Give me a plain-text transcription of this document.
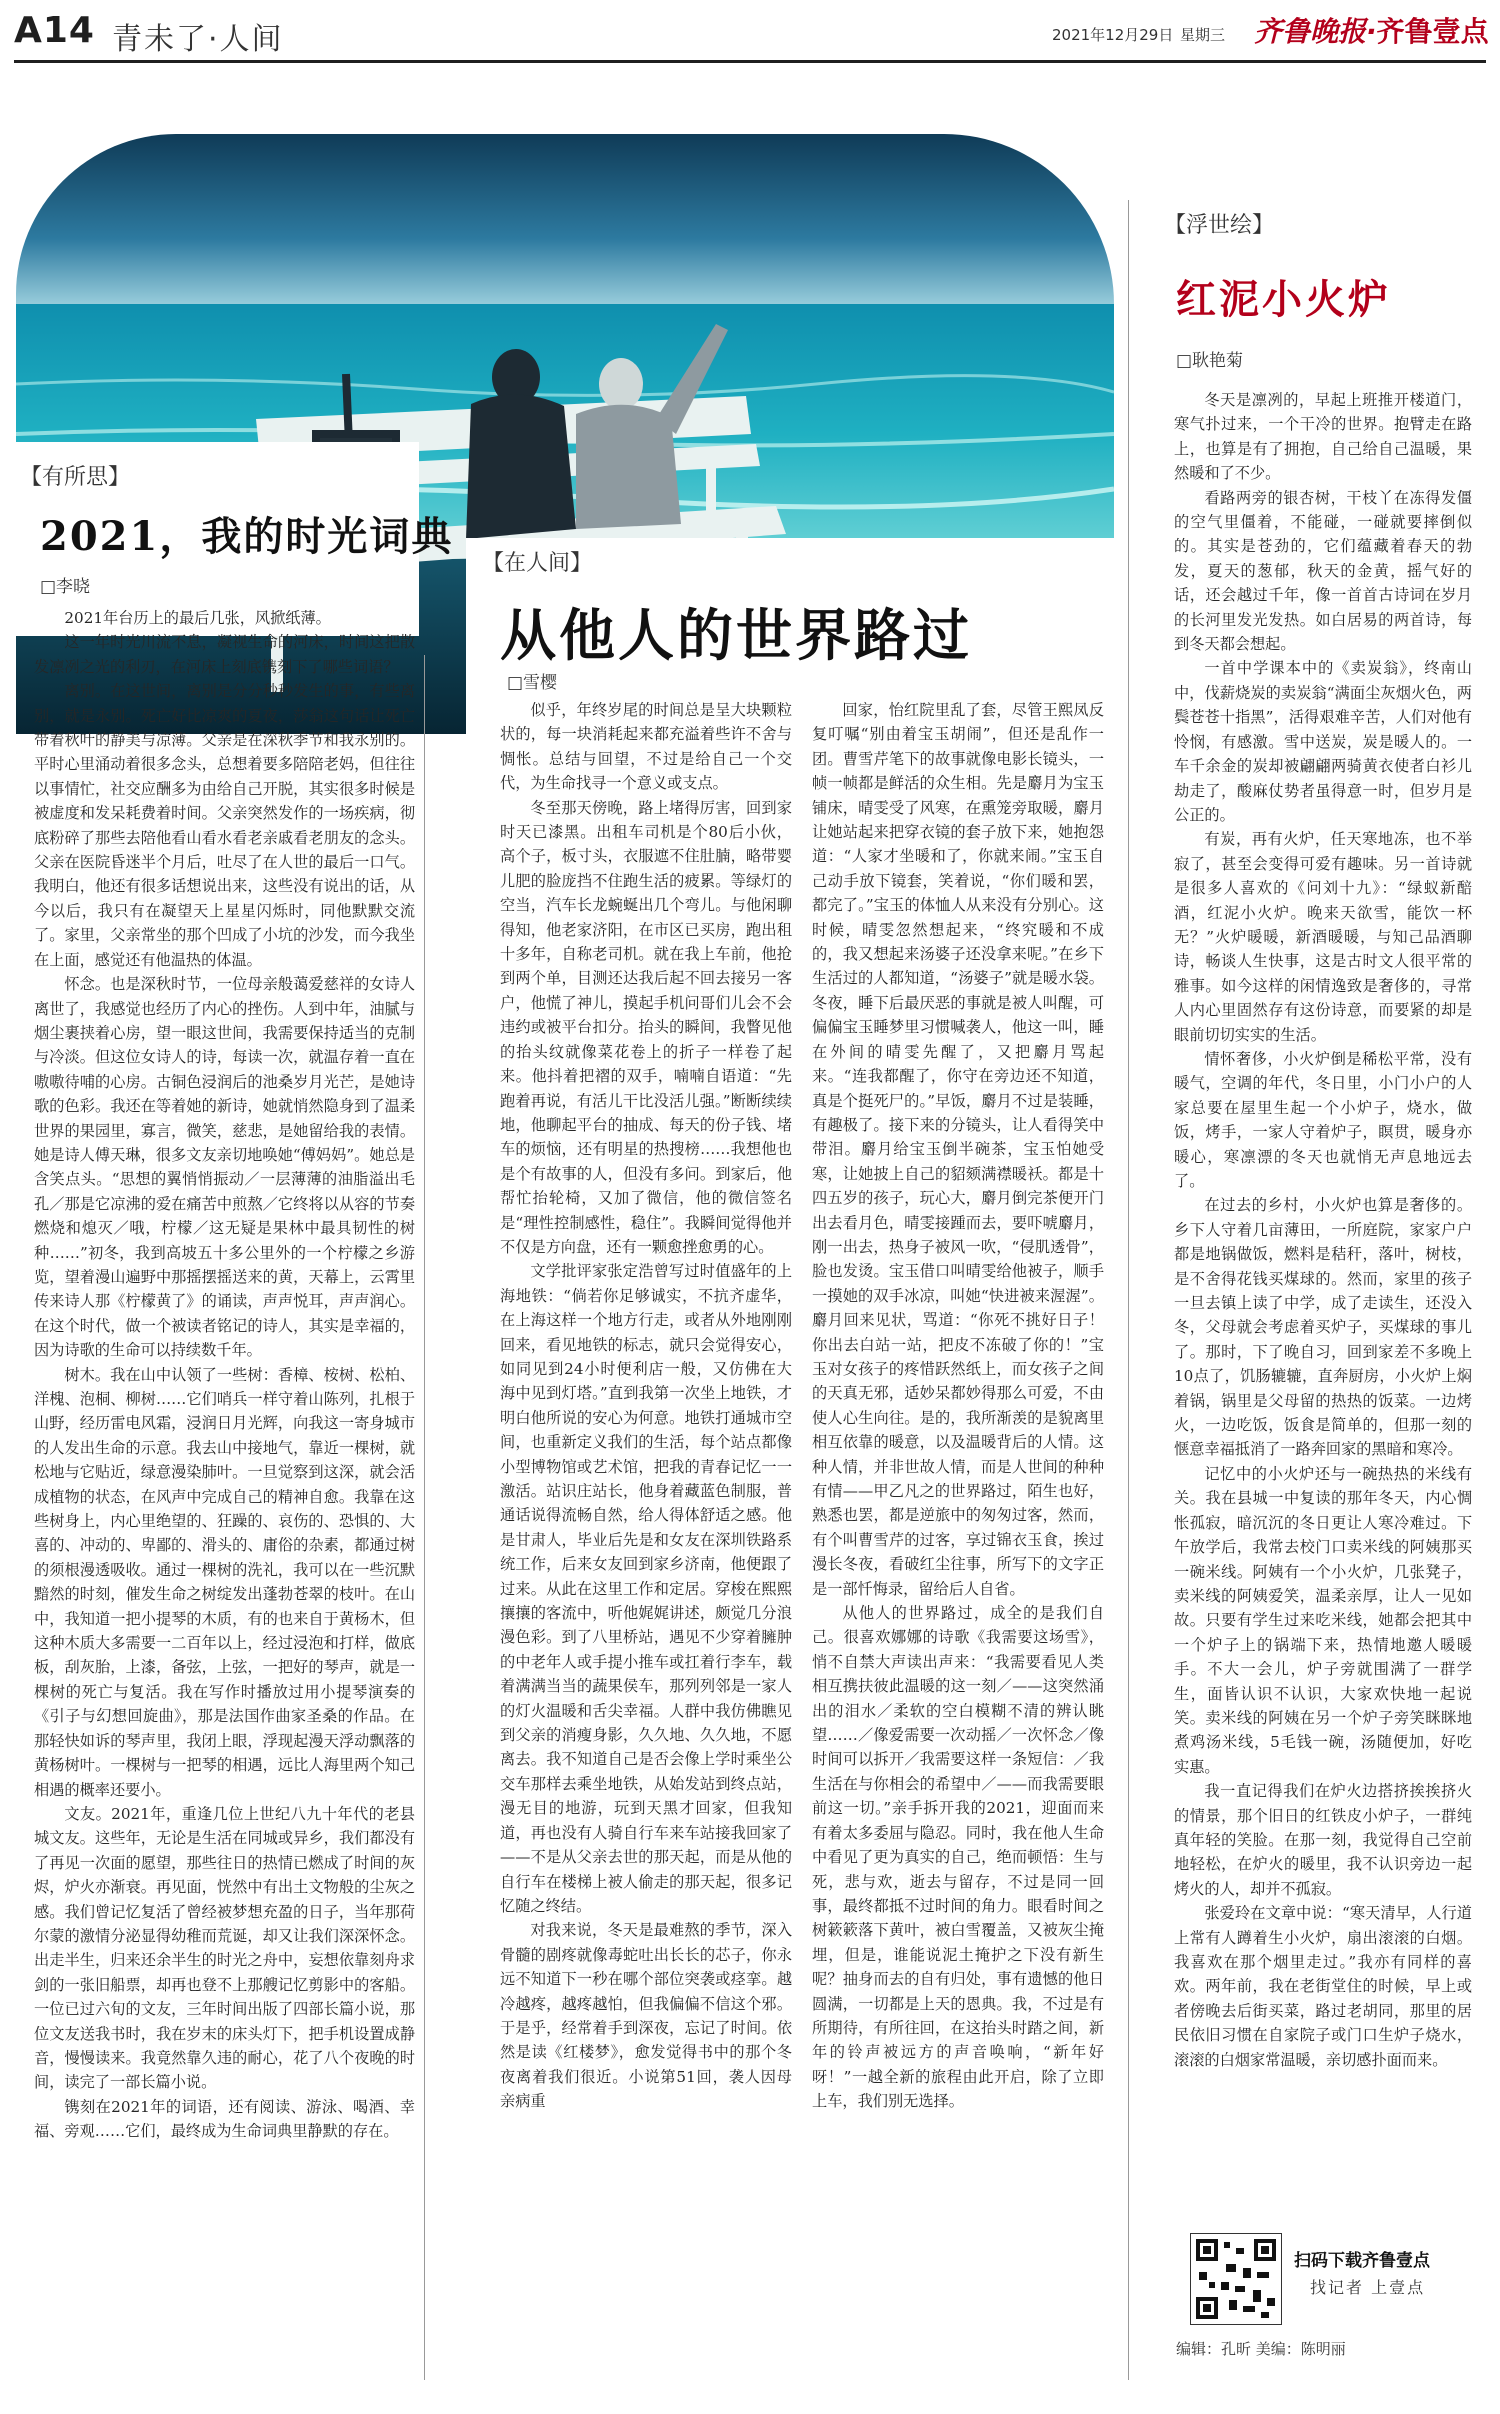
A14 青未了·人间	2021年12月29日 星期三 齐鲁晚报·齐鲁壹点
【有所思】
2021，我的时光词典
□李晓

2021年台历上的最后几张，风掀纸薄。

这一年时光川流不息，凝视生命的河床，时间这把散发凛冽之光的利刃，在河床上刻底镌刻下了哪些词语？

离别。在这世间，离别是分分秒秒发生的事，有些离别，就是永别。死亡好比凉爽的夏夜，莎翁这句话让死亡带着秋叶的静美与凉薄。父亲是在深秋季节和我永别的。平时心里涌动着很多念头，总想着要多陪陪老妈，但往往以事情忙，社交应酬多为由给自己开脱，其实很多时候是被虚度和发呆耗费着时间。父亲突然发作的一场疾病，彻底粉碎了那些去陪他看山看水看老亲戚看老朋友的念头。父亲在医院昏迷半个月后，吐尽了在人世的最后一口气。我明白，他还有很多话想说出来，这些没有说出的话，从今以后，我只有在凝望天上星星闪烁时，同他默默交流了。家里，父亲常坐的那个凹成了小坑的沙发，而今我坐在上面，感觉还有他温热的体温。

怀念。也是深秋时节，一位母亲般蔼爱慈祥的女诗人离世了，我感觉也经历了内心的挫伤。人到中年，油腻与烟尘裹挟着心房，望一眼这世间，我需要保持适当的克制与冷淡。但这位女诗人的诗，每读一次，就温存着一直在嗷嗷待哺的心房。古铜色浸润后的池桑岁月光芒，是她诗歌的色彩。我还在等着她的新诗，她就悄然隐身到了温柔世界的果园里，寡言，微笑，慈悲，是她留给我的表情。她是诗人傅天琳，很多文友亲切地唤她“傅妈妈”。她总是含笑点头。“思想的翼悄悄振动／一层薄薄的油脂溢出毛孔／那是它凉沸的爱在痛苦中煎熬／它终将以从容的节奏燃烧和熄灭／哦，柠檬／这无疑是果林中最具韧性的树种……”初冬，我到高坡五十多公里外的一个柠檬之乡游览，望着漫山遍野中那摇摆摇送来的黄，天幕上，云霄里传来诗人那《柠檬黄了》的诵读，声声悦耳，声声润心。在这个时代，做一个被读者铭记的诗人，其实是幸福的，因为诗歌的生命可以持续数千年。

树木。我在山中认领了一些树：香樟、桉树、松柏、洋槐、泡桐、柳树……它们哨兵一样守着山陈列，扎根于山野，经历雷电风霜，浸润日月光辉，向我这一寄身城市的人发出生命的示意。我去山中接地气，靠近一棵树，就松地与它贴近，绿意漫染肺叶。一旦觉察到这深，就会活成植物的状态，在风声中完成自己的精神自愈。我靠在这些树身上，内心里绝望的、狂躁的、哀伤的、恐惧的、大喜的、冲动的、卑鄙的、滑头的、庸俗的杂素，都通过树的须根漫透吸收。通过一棵树的洗礼，我可以在一些沉默黯然的时刻，催发生命之树绽发出蓬勃苍翠的枝叶。在山中，我知道一把小提琴的木质，有的也来自于黄杨木，但这种木质大多需要一二百年以上，经过浸泡和打样，做底板，刮灰胎，上漆，备弦，上弦，一把好的琴声，就是一棵树的死亡与复活。我在写作时播放过用小提琴演奏的《引子与幻想回旋曲》，那是法国作曲家圣桑的作品。在那轻快如诉的琴声里，我闭上眼，浮现起漫天浮动飘落的黄杨树叶。一棵树与一把琴的相遇，远比人海里两个知己相遇的概率还要小。

文友。2021年，重逢几位上世纪八九十年代的老县城文友。这些年，无论是生活在同城或异乡，我们都没有了再见一次面的愿望，那些往日的热情已燃成了时间的灰烬，炉火亦渐衰。再见面，恍然中有出土文物般的尘灰之感。我们曾记忆复活了曾经被梦想充盈的日子，当年那荷尔蒙的激情分泌显得幼稚而荒诞，却又让我们深深怀念。出走半生，归来还余半生的时光之舟中，妄想依靠刻舟求剑的一张旧船票，却再也登不上那艘记忆剪影中的客船。一位已过六旬的文友，三年时间出版了四部长篇小说，那位文友送我书时，我在岁末的床头灯下，把手机设置成静音，慢慢读来。我竟然靠久违的耐心，花了八个夜晚的时间，读完了一部长篇小说。

镌刻在2021年的词语，还有阅读、游泳、喝酒、幸福、旁观……它们，最终成为生命词典里静默的存在。

【在人间】
从他人的世界路过
□雪樱

似乎，年终岁尾的时间总是呈大块颗粒状的，每一块消耗起来都充溢着些许不舍与惆怅。总结与回望，不过是给自己一个交代，为生命找寻一个意义或支点。

冬至那天傍晚，路上堵得厉害，回到家时天已漆黑。出租车司机是个80后小伙，高个子，板寸头，衣服遮不住肚腩，略带婴儿肥的脸庞挡不住跑生活的疲累。等绿灯的空当，汽车长龙蜿蜒出几个弯儿。与他闲聊得知，他老家济阳，在市区已买房，跑出租十多年，自称老司机。就在我上车前，他抢到两个单，目测还达我后起不回去接另一客户，他慌了神儿，摸起手机问哥们儿会不会违约或被平台扣分。抬头的瞬间，我瞥见他的抬头纹就像菜花卷上的折子一样卷了起来。他抖着把褶的双手，喃喃自语道：“先跑着再说，有活儿干比没活儿强。”断断续续地，他聊起平台的抽成、每天的份子钱、堵车的烦恼，还有明星的热搜榜……我想他也是个有故事的人，但没有多问。到家后，他帮忙抬轮椅，又加了微信，他的微信签名是“理性控制感性，稳住”。我瞬间觉得他并不仅是方向盘，还有一颗愈挫愈勇的心。

文学批评家张定浩曾写过时值盛年的上海地铁：“倘若你足够诚实，不抗齐虚华，在上海这样一个地方行走，或者从外地刚刚回来，看见地铁的标志，就只会觉得安心，如同见到24小时便利店一般，又仿佛在大海中见到灯塔。”直到我第一次坐上地铁，才明白他所说的安心为何意。地铁打通城市空间，也重新定义我们的生活，每个站点都像小型博物馆或艺术馆，把我的青春记忆一一激活。站识庄站长，他身着藏蓝色制服，普通话说得流畅自然，给人得体舒适之感。他是甘肃人，毕业后先是和女友在深圳铁路系统工作，后来女友回到家乡济南，他便跟了过来。从此在这里工作和定居。穿梭在熙熙攘攘的客流中，听他娓娓讲述，颇觉几分浪漫色彩。到了八里桥站，遇见不少穿着臃肿的中老年人或手提小推车或扛着行李车，载着满满当当的蔬果侯车，那列列邻是一家人的灯火温暖和舌尖幸福。人群中我仿佛瞧见到父亲的消瘦身影，久久地、久久地，不愿离去。我不知道自己是否会像上学时乘坐公交车那样去乘坐地铁，从始发站到终点站，漫无目的地游，玩到天黑才回家，但我知道，再也没有人骑自行车来车站接我回家了——不是从父亲去世的那天起，而是从他的自行车在楼梯上被人偷走的那天起，很多记忆随之终结。

对我来说，冬天是最难熬的季节，深入骨髓的剧疼就像毒蛇吐出长长的芯子，你永远不知道下一秒在哪个部位突袭或痉挛。越冷越疼，越疼越怕，但我偏偏不信这个邪。于是乎，经常着手到深夜，忘记了时间。依然是读《红楼梦》，愈发觉得书中的那个冬夜离着我们很近。小说第51回，袭人因母亲病重

回家，怡红院里乱了套，尽管王熙凤反复叮嘱“别由着宝玉胡闹”，但还是乱作一团。曹雪芹笔下的故事就像电影长镜头，一帧一帧都是鲜活的众生相。先是麝月为宝玉铺床，晴雯受了风寒，在熏笼旁取暖，麝月让她站起来把穿衣镜的套子放下来，她抱怨道：“人家才坐暖和了，你就来闹。”宝玉自己动手放下镜套，笑着说，“你们暖和罢，都完了。”宝玉的体恤人从来没有分别心。这时候，晴雯忽然想起来，“终究暖和不成的，我又想起来汤婆子还没拿来呢。”在乡下生活过的人都知道，“汤婆子”就是暖水袋。冬夜，睡下后最厌恶的事就是被人叫醒，可偏偏宝玉睡梦里习惯喊袭人，他这一叫，睡在外间的晴雯先醒了，又把麝月骂起来。“连我都醒了，你守在旁边还不知道，真是个挺死尸的。”早饭，麝月不过是装睡，有趣极了。接下来的分镜头，让人看得笑中带泪。麝月给宝玉倒半碗茶，宝玉怕她受寒，让她披上自己的貂颏满襟暖袄。都是十四五岁的孩子，玩心大，麝月倒完茶便开门出去看月色，晴雯接踵而去，要吓唬麝月，刚一出去，热身子被风一吹，“侵肌透骨”，脸也发烫。宝玉借口叫晴雯给他被子，顺手一摸她的双手冰凉，叫她“快进被来渥渥”。麝月回来见状，骂道：“你死不挑好日子！你出去白站一站，把皮不冻破了你的！”宝玉对女孩子的疼惜跃然纸上，而女孩子之间的天真无邪，适妙呆都妙得那么可爱，不由使人心生向往。是的，我所渐羡的是貌离里相互依靠的暖意，以及温暖背后的人情。这种人情，并非世故人情，而是人世间的种种有情——甲乙凡之的世界路过，陌生也好，熟悉也罢，都是逆旅中的匆匆过客，然而，有个叫曹雪芹的过客，享过锦衣玉食，挨过漫长冬夜，看破红尘往事，所写下的文字正是一部忏悔录，留给后人自省。

从他人的世界路过，成全的是我们自己。很喜欢娜娜的诗歌《我需要这场雪》，悄不自禁大声读出声来：“我需要看见人类相互携扶彼此温暖的这一刻／——这突然涌出的泪水／柔软的空白模糊不清的辨认眺望……／像爱需要一次动摇／一次怀念／像时间可以拆开／我需要这样一条短信：／我生活在与你相会的希望中／——而我需要眼前这一切。”亲手拆开我的2021，迎面而来有着太多委屈与隐忍。同时，我在他人生命中看见了更为真实的自己，绝而顿悟：生与死，悲与欢，逝去与留存，不过是同一回事，最终都抵不过时间的角力。眼看时间之树簌簌落下黄叶，被白雪覆盖，又被灰尘掩埋，但是，谁能说泥土掩护之下没有新生呢？抽身而去的自有归处，事有遗憾的他日圆满，一切都是上天的恩典。我，不过是有所期待，有所往回，在这抬头时踏之间，新年的铃声被远方的声音唤响，“新年好呀！”一越全新的旅程由此开启，除了立即上车，我们别无选择。

【浮世绘】
红泥小火炉
□耿艳菊

冬天是凛冽的，早起上班推开楼道门，寒气扑过来，一个干冷的世界。抱臂走在路上，也算是有了拥抱，自己给自己温暖，果然暖和了不少。

看路两旁的银杏树，干枝丫在冻得发僵的空气里僵着，不能碰，一碰就要摔倒似的。其实是苍劲的，它们蕴藏着春天的勃发，夏天的葱郁，秋天的金黄，摇气好的话，还会越过千年，像一首首古诗词在岁月的长河里发光发热。如白居易的两首诗，每到冬天都会想起。

一首中学课本中的《卖炭翁》，终南山中，伐薪烧炭的卖炭翁“满面尘灰烟火色，两鬓苍苍十指黑”，活得艰难辛苦，人们对他有怜悯，有感激。雪中送炭，炭是暖人的。一车千余金的炭却被翩翩两骑黄衣使者白衫儿劫走了，酸麻仗势者虽得意一时，但岁月是公正的。

有炭，再有火炉，任天寒地冻，也不举寂了，甚至会变得可爱有趣味。另一首诗就是很多人喜欢的《问刘十九》：“绿蚁新醅酒，红泥小火炉。晚来天欲雪，能饮一杯无？”火炉暖暖，新酒暖暖，与知己品酒聊诗，畅谈人生快事，这是古时文人很平常的雅事。如今这样的闲情逸致是奢侈的，寻常人内心里固然存有这份诗意，而要紧的却是眼前切切实实的生活。

情怀奢侈，小火炉倒是稀松平常，没有暖气，空调的年代，冬日里，小门小户的人家总要在屋里生起一个小炉子，烧水，做饭，烤手，一家人守着炉子，瞑贯，暖身亦暖心，寒凛漂的冬天也就悄无声息地远去了。

在过去的乡村，小火炉也算是奢侈的。乡下人守着几亩薄田，一所庭院，家家户户都是地锅做饭，燃料是秸秆，落叶，树枝，是不舍得花钱买煤球的。然而，家里的孩子一旦去镇上读了中学，成了走读生，还没入冬，父母就会考虑着买炉子，买煤球的事儿了。那时，下了晚自习，回到家差不多晚上10点了，饥肠辘辘，直奔厨房，小火炉上焖着锅，锅里是父母留的热热的饭菜。一边烤火，一边吃饭，饭食是简单的，但那一刻的惬意幸福抵消了一路奔回家的黑暗和寒冷。

记忆中的小火炉还与一碗热热的米线有关。我在县城一中复读的那年冬天，内心惆怅孤寂，暗沉沉的冬日更让人寒冷难过。下午放学后，我常去校门口卖米线的阿姨那买一碗米线。阿姨有一个小火炉，几张凳子，卖米线的阿姨爱笑，温柔亲厚，让人一见如故。只要有学生过来吃米线，她都会把其中一个炉子上的锅端下来，热情地邀人暖暖手。不大一会儿，炉子旁就围满了一群学生，面皆认识不认识，大家欢快地一起说笑。卖米线的阿姨在另一个炉子旁笑眯眯地煮鸡汤米线，5毛钱一碗，汤随便加，好吃实惠。

我一直记得我们在炉火边搭挤挨挨挤火的情景，那个旧日的红铁皮小炉子，一群纯真年轻的笑脸。在那一刻，我觉得自己空前地轻松，在炉火的暖里，我不认识旁边一起烤火的人，却并不孤寂。

张爱玲在文章中说：“寒天清早，人行道上常有人蹲着生小火炉，扇出滚滚的白烟。我喜欢在那个烟里走过。”我亦有同样的喜欢。两年前，我在老街堂住的时候，早上或者傍晚去后街买菜，路过老胡同，那里的居民依旧习惯在自家院子或门口生炉子烧水，滚滚的白烟家常温暖，亲切感扑面而来。

扫码下载齐鲁壹点
找记者 上壹点
编辑：孔昕 美编：陈明丽
